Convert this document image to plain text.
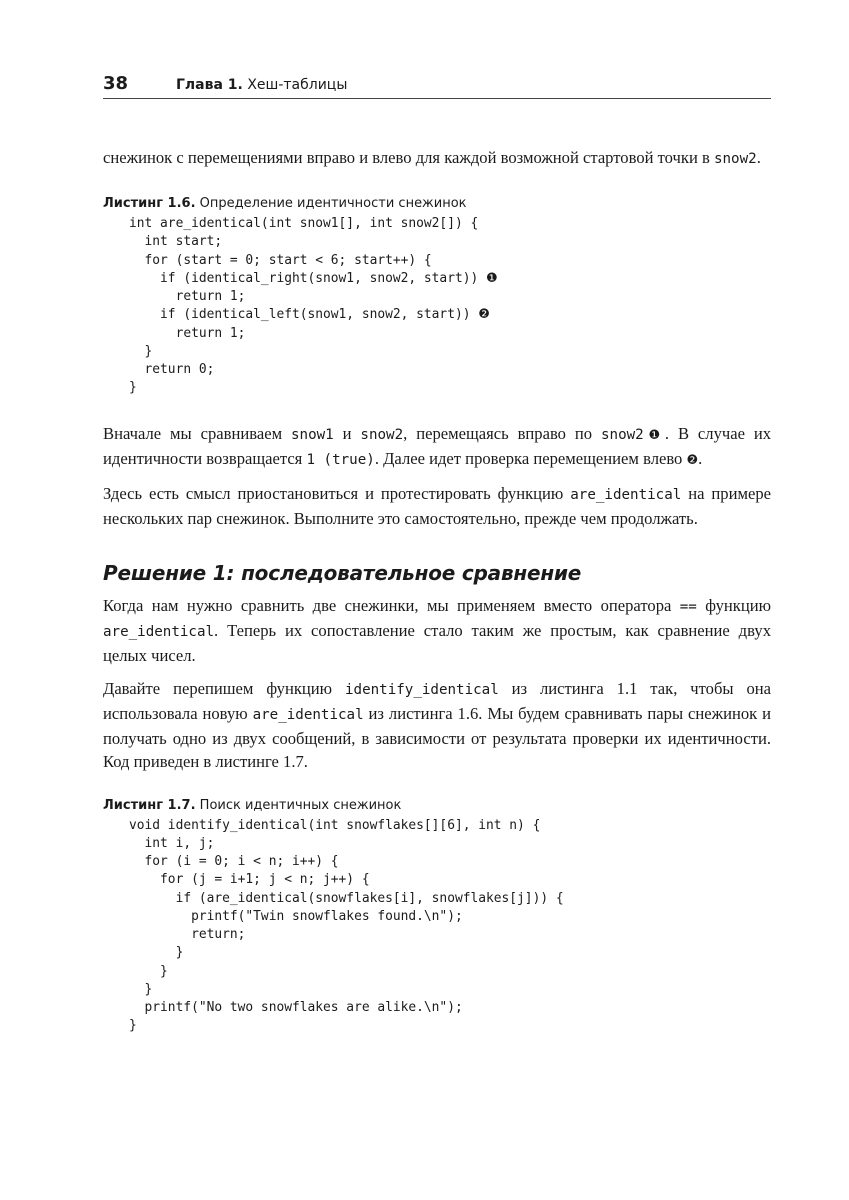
38	Глава 1. Хеш-таблицы

снежинок с перемещениями вправо и влево для каждой возможной стартовой точки в snow2.

Листинг 1.6. Определение идентичности снежинок
int are_identical(int snow1[], int snow2[]) {
int start;
for (start = 0; start < 6; start++) {
if (identical_right(snow1, snow2, start)) ❶
return 1;
if (identical_left(snow1, snow2, start)) ❷
return 1;
}
return 0;
}

Вначале мы сравниваем snow1 и snow2, перемещаясь вправо по snow2❶. В случае их идентичности возвращается 1 (true). Далее идет проверка перемещением влево ❷.

Здесь есть смысл приостановиться и протестировать функцию are_identical на примере нескольких пар снежинок. Выполните это самостоятельно, прежде чем продолжать.

Решение 1: последовательное сравнение

Когда нам нужно сравнить две снежинки, мы применяем вместо оператора == функцию are_identical. Теперь их сопоставление стало таким же простым, как сравнение двух целых чисел.

Давайте перепишем функцию identify_identical из листинга 1.1 так, чтобы она использовала новую are_identical из листинга 1.6. Мы будем сравнивать пары снежинок и получать одно из двух сообщений, в зависимости от результата проверки их идентичности. Код приведен в листинге 1.7.

Листинг 1.7. Поиск идентичных снежинок
void identify_identical(int snowflakes[][6], int n) {
int i, j;
for (i = 0; i < n; i++) {
for (j = i+1; j < n; j++) {
if (are_identical(snowflakes[i], snowflakes[j])) {
printf("Twin snowflakes found.\n");
return;
}
}
}
printf("No two snowflakes are alike.\n");
}
